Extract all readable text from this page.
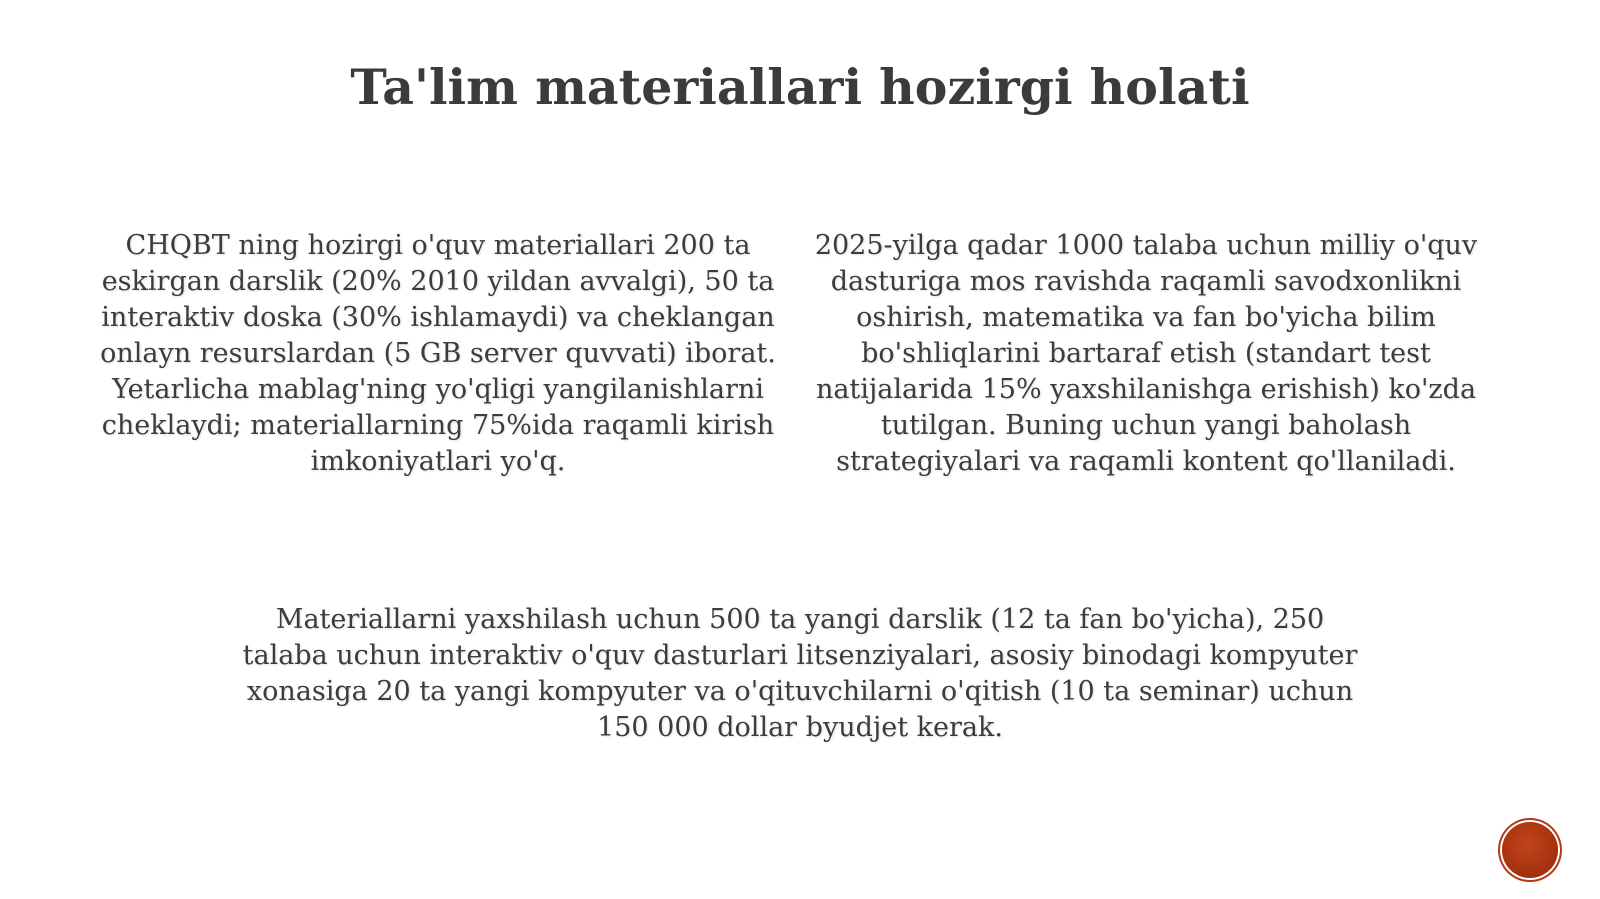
Ta'lim materiallari hozirgi holati

CHQBT ning hozirgi o'quv materiallari 200 ta eskirgan darslik (20% 2010 yildan avvalgi), 50 ta interaktiv doska (30% ishlamaydi) va cheklangan onlayn resurslardan (5 GB server quvvati) iborat. Yetarlicha mablag'ning yo'qligi yangilanishlarni cheklaydi; materiallarning 75%ida raqamli kirish imkoniyatlari yo'q.

2025-yilga qadar 1000 talaba uchun milliy o'quv dasturiga mos ravishda raqamli savodxonlikni oshirish, matematika va fan bo'yicha bilim bo'shliqlarini bartaraf etish (standart test natijalarida 15% yaxshilanishga erishish) ko'zda tutilgan. Buning uchun yangi baholash strategiyalari va raqamli kontent qo'llaniladi.

Materiallarni yaxshilash uchun 500 ta yangi darslik (12 ta fan bo'yicha), 250 talaba uchun interaktiv o'quv dasturlari litsenziyalari, asosiy binodagi kompyuter xonasiga 20 ta yangi kompyuter va o'qituvchilarni o'qitish (10 ta seminar) uchun 150 000 dollar byudjet kerak.
